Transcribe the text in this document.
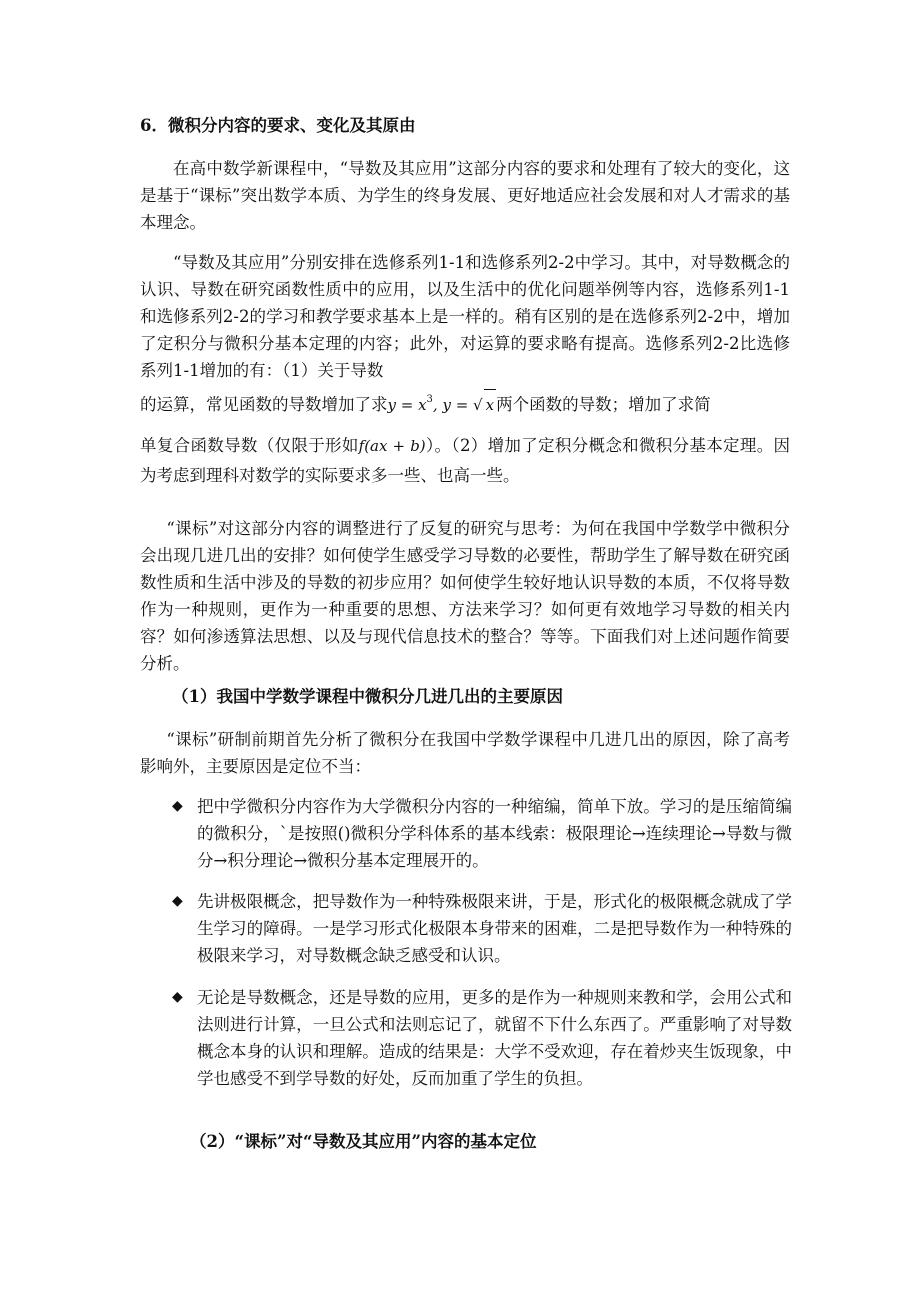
6．微积分内容的要求、变化及其原由

在高中数学新课程中，“导数及其应用”这部分内容的要求和处理有了较大的变化，这是基于“课标”突出数学本质、为学生的终身发展、更好地适应社会发展和对人才需求的基本理念。

“导数及其应用”分别安排在选修系列1-1和选修系列2-2中学习。其中，对导数概念的认识、导数在研究函数性质中的应用，以及生活中的优化问题举例等内容，选修系列1-1和选修系列2-2的学习和教学要求基本上是一样的。稍有区别的是在选修系列2-2中，增加了定积分与微积分基本定理的内容；此外，对运算的要求略有提高。选修系列2-2比选修系列1-1增加的有：（1）关于导数
的运算，常见函数的导数增加了求$y = x^3$, y = √ x 两个函数的导数；增加了求简
单复合函数导数（仅限于形如f(ax + b)）。（2）增加了定积分概念和微积分基本定理。因为考虑到理科对数学的实际要求多一些、也高一些。

“课标”对这部分内容的调整进行了反复的研究与思考：为何在我国中学数学中微积分会出现几进几出的安排？如何使学生感受学习导数的必要性，帮助学生了解导数在研究函数性质和生活中涉及的导数的初步应用？如何使学生较好地认识导数的本质，不仅将导数作为一种规则，更作为一种重要的思想、方法来学习？如何更有效地学习导数的相关内容？如何渗透算法思想、以及与现代信息技术的整合？等等。下面我们对上述问题作简要分析。

（1）我国中学数学课程中微积分几进几出的主要原因

“课标”研制前期首先分析了微积分在我国中学数学课程中几进几出的原因，除了高考影响外，主要原因是定位不当：

◆ 把中学微积分内容作为大学微积分内容的一种缩编，简单下放。学习的是压缩简编的微积分，ˋ是按照()微积分学科体系的基本线索：极限理论→连续理论→导数与微分→积分理论→微积分基本定理展开的。
◆ 先讲极限概念，把导数作为一种特殊极限来讲，于是，形式化的极限概念就成了学生学习的障碍。一是学习形式化极限本身带来的困难，二是把导数作为一种特殊的极限来学习，对导数概念缺乏感受和认识。
◆ 无论是导数概念，还是导数的应用，更多的是作为一种规则来教和学，会用公式和法则进行计算，一旦公式和法则忘记了，就留不下什么东西了。严重影响了对导数概念本身的认识和理解。造成的结果是：大学不受欢迎，存在着炒夹生饭现象，中学也感受不到学导数的好处，反而加重了学生的负担。
（2）“课标”对“导数及其应用”内容的基本定位
